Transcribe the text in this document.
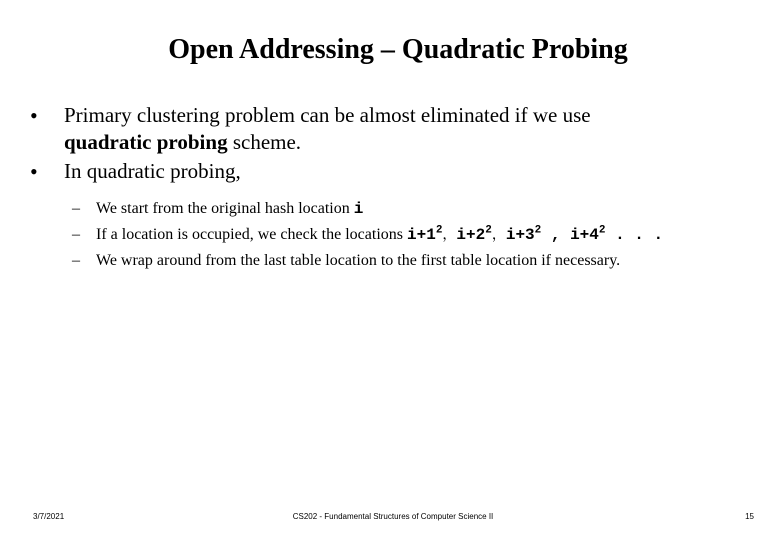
Open Addressing – Quadratic Probing
• Primary clustering problem can be almost eliminated if we use
quadratic probing scheme.
• In quadratic probing,
– We start from the original hash location i
– If a location is occupied, we check the locations $i+1^2$，$i+2^2$，$i+3^2$ , $i+4^2$ . . .
– We wrap around from the last table location to the first table location if necessary.
3/7/2021	CS202 - Fundamental Structures of Computer Science II	15
